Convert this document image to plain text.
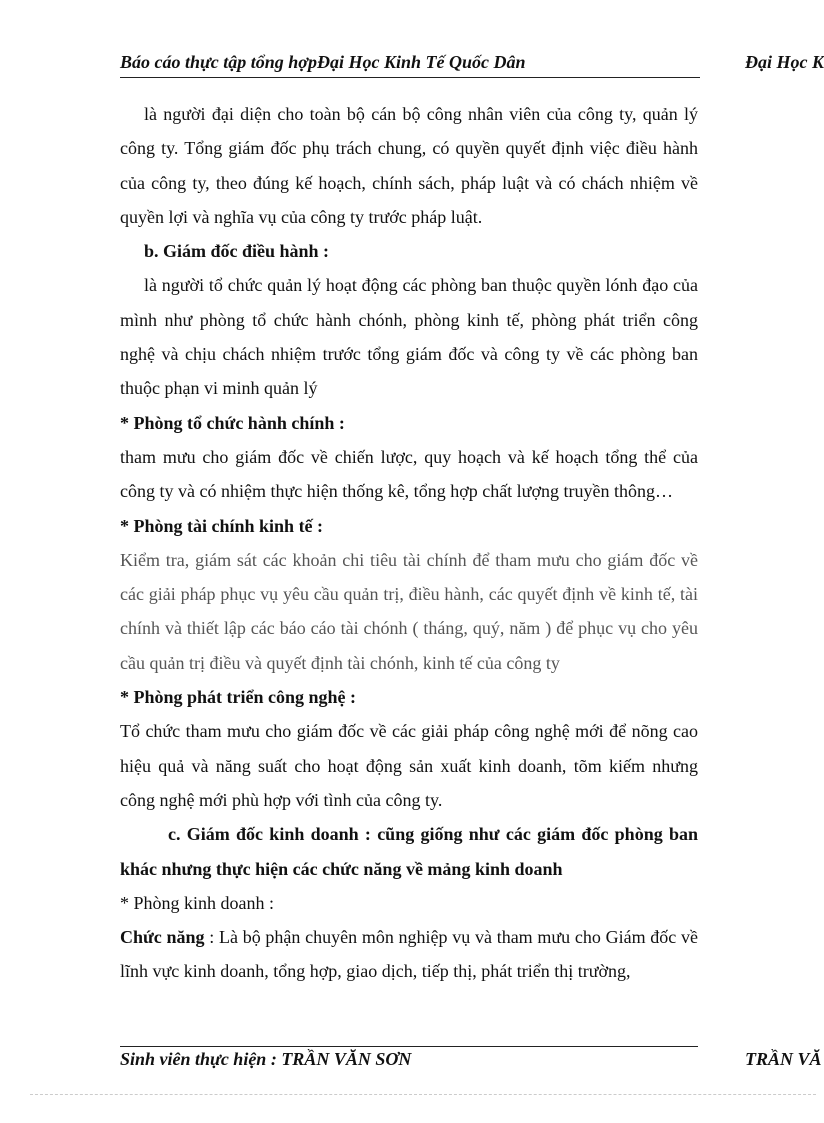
Báo cáo thực tập tổng hợpĐại Học Kinh Tế Quốc Dân	Đại Học K

là người đại diện cho toàn bộ cán bộ công nhân viên của công ty, quản lý công ty. Tổng giám đốc phụ trách chung, có quyền quyết định việc điều hành của công ty, theo đúng kế hoạch, chính sách, pháp luật và có chách nhiệm về quyền lợi và nghĩa vụ của công ty trước pháp luật.

b. Giám đốc điều hành :

là người tổ chức quản lý hoạt động các phòng ban thuộc quyền lónh đạo của mình như phòng tổ chức hành chónh, phòng kinh tế, phòng phát triển công nghệ và chịu chách nhiệm trước tổng giám đốc và công ty về các phòng ban thuộc phạn vi minh quản lý

* Phòng tổ chức hành chính :

tham mưu cho giám đốc về chiến lược, quy hoạch và kế hoạch tổng thể của công ty và có nhiệm thực hiện thống kê, tổng hợp chất lượng truyền thông…

* Phòng tài chính kinh tế :

Kiểm tra, giám sát các khoản chi tiêu tài chính để tham mưu cho giám đốc về các giải pháp phục vụ yêu cầu quản trị, điều hành, các quyết định về kinh tế, tài chính và thiết lập các báo cáo tài chónh ( tháng, quý, năm ) để phục vụ cho yêu cầu quản trị điều và quyết định tài chónh, kinh tế của công ty

* Phòng phát triển công nghệ :

Tổ chức tham mưu cho giám đốc về các giải pháp công nghệ mới để nõng cao hiệu quả và năng suất cho hoạt động sản xuất kinh doanh, tõm kiếm nhưng công nghệ mới phù hợp với tình của công ty.

c. Giám đốc kinh doanh : cũng giống như các giám đốc phòng ban khác nhưng thực hiện các chức năng về mảng kinh doanh

* Phòng kinh doanh :

Chức năng : Là bộ phận chuyên môn nghiệp vụ và tham mưu cho Giám đốc về lĩnh vực kinh doanh, tổng hợp, giao dịch, tiếp thị, phát triển thị trường,

Sinh viên thực hiện : TRẦN VĂN SƠN	TRẦN VĂ
